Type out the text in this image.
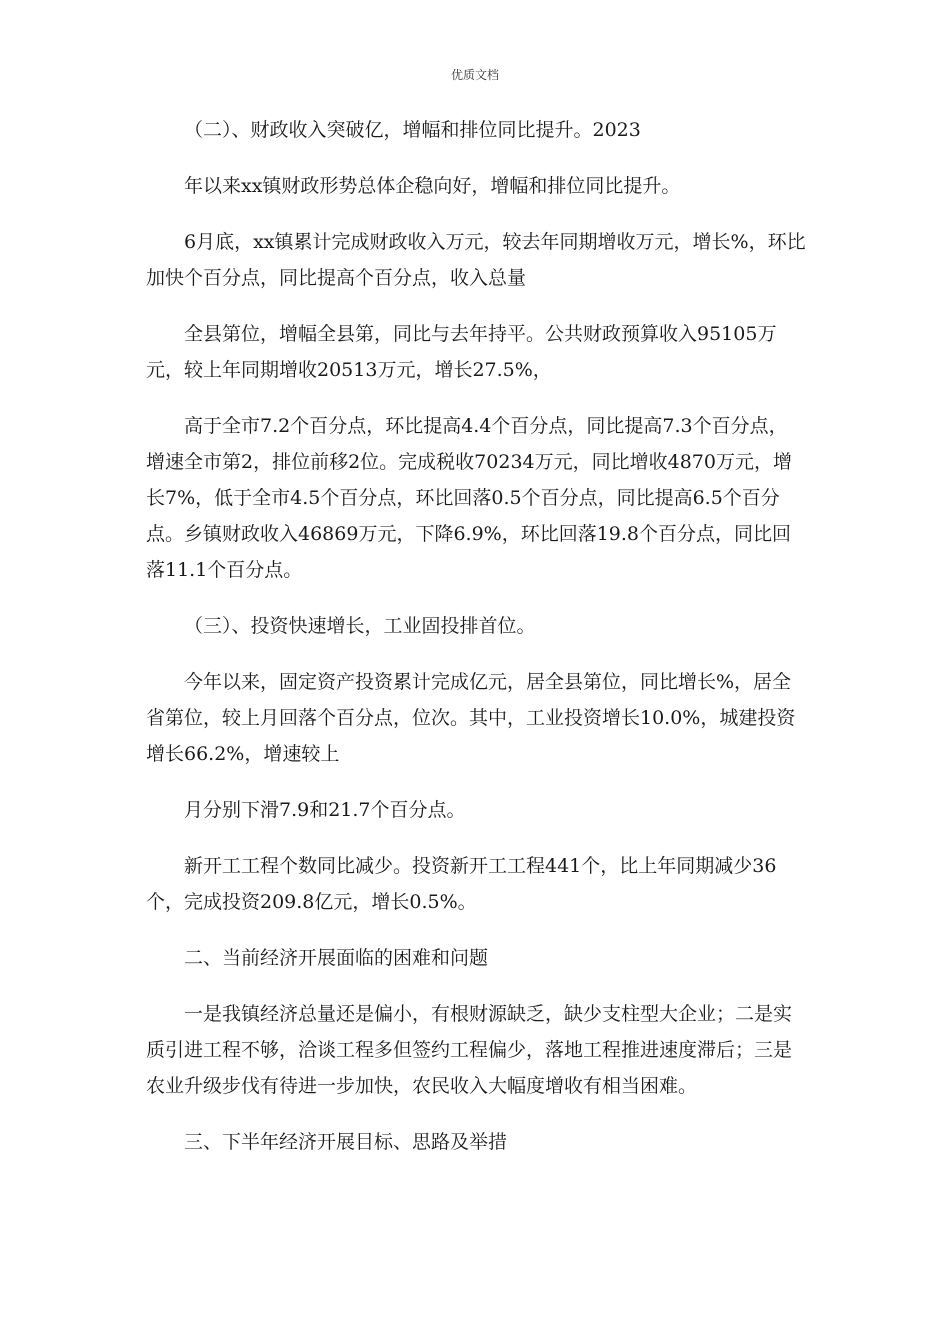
优质文档

（二）、财政收入突破亿，增幅和排位同比提升。2023

年以来xx镇财政形势总体企稳向好，增幅和排位同比提升。

6月底，xx镇累计完成财政收入万元，较去年同期增收万元，增长%，环比加快个百分点，同比提高个百分点，收入总量

全县第位，增幅全县第，同比与去年持平。公共财政预算收入95105万元，较上年同期增收20513万元，增长27.5%，

高于全市7.2个百分点，环比提高4.4个百分点，同比提高7.3个百分点，增速全市第2，排位前移2位。完成税收70234万元，同比增收4870万元，增长7%，低于全市4.5个百分点，环比回落0.5个百分点，同比提高6.5个百分点。乡镇财政收入46869万元，下降6.9%，环比回落19.8个百分点，同比回落11.1个百分点。

（三）、投资快速增长，工业固投排首位。

今年以来，固定资产投资累计完成亿元，居全县第位，同比增长%，居全省第位，较上月回落个百分点，位次。其中，工业投资增长10.0%，城建投资增长66.2%，增速较上

月分别下滑7.9和21.7个百分点。

新开工工程个数同比减少。投资新开工工程441个，比上年同期减少36个，完成投资209.8亿元，增长0.5%。

二、当前经济开展面临的困难和问题

一是我镇经济总量还是偏小，有根财源缺乏，缺少支柱型大企业；二是实质引进工程不够，洽谈工程多但签约工程偏少，落地工程推进速度滞后；三是农业升级步伐有待进一步加快，农民收入大幅度增收有相当困难。

三、下半年经济开展目标、思路及举措
